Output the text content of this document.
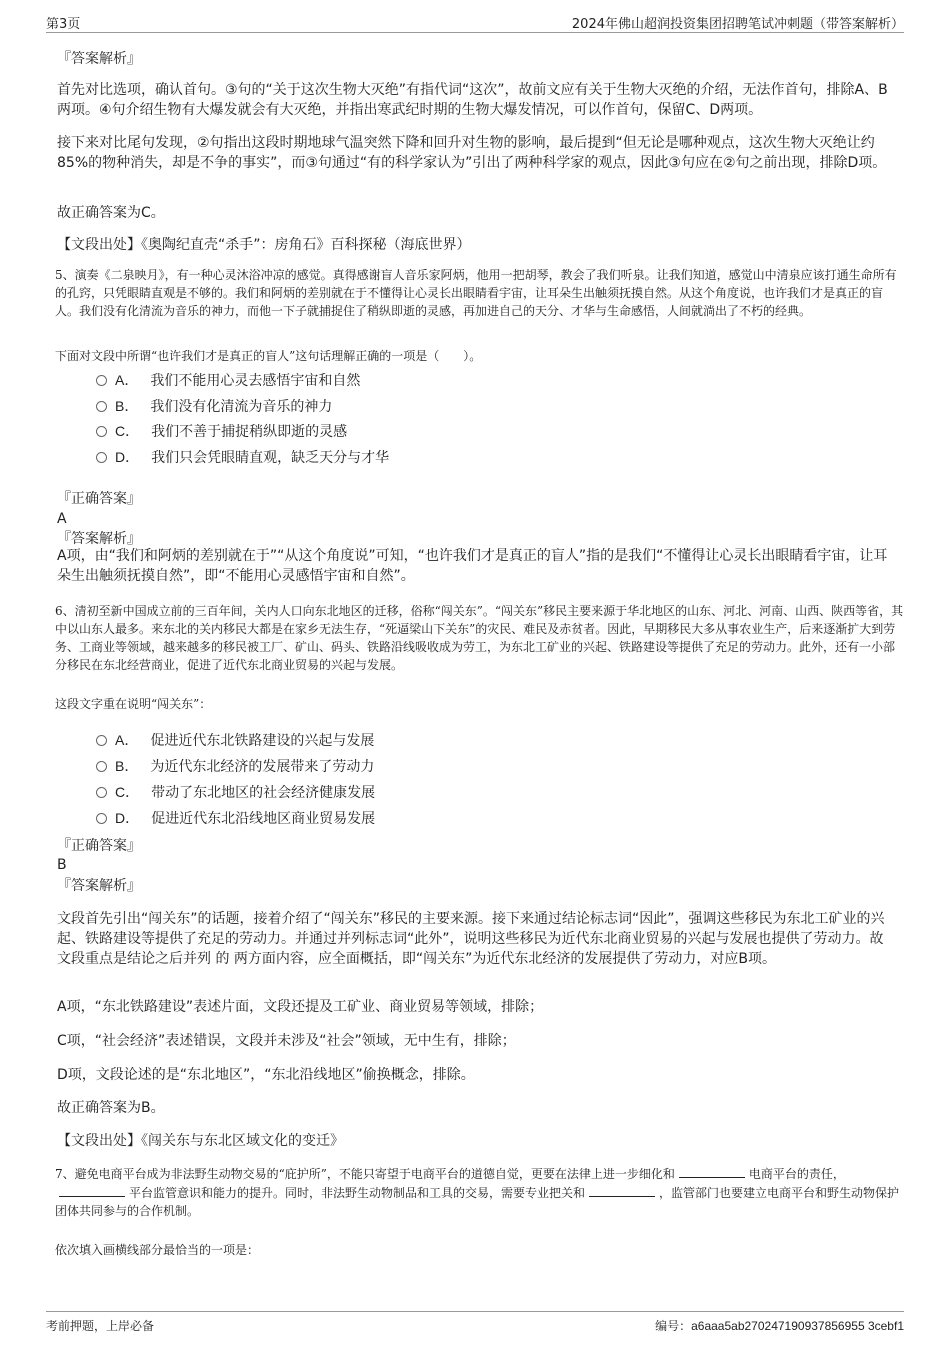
第3页	2024年佛山超润投资集团招聘笔试冲刺题（带答案解析）
『答案解析』
首先对比选项，确认首句。③句的“关于这次生物大灭绝”有指代词“这次”，故前文应有关于生物大灭绝的介绍，无法作首句，排除A、B两项。④句介绍生物有大爆发就会有大灭绝，并指出寒武纪时期的生物大爆发情况，可以作首句，保留C、D两项。
接下来对比尾句发现，②句指出这段时期地球气温突然下降和回升对生物的影响，最后提到“但无论是哪种观点，这次生物大灭绝让约85%的物种消失，却是不争的事实”，而③句通过“有的科学家认为”引出了两种科学家的观点，因此③句应在②句之前出现，排除D项。
故正确答案为C。
【文段出处】《奥陶纪直壳“杀手”：房角石》百科探秘（海底世界）
5、演奏《二泉映月》，有一种心灵沐浴冲凉的感觉。真得感谢盲人音乐家阿炳，他用一把胡琴，教会了我们听泉。让我们知道，感觉山中清泉应该打通生命所有的孔窍，只凭眼睛直观是不够的。我们和阿炳的差别就在于不懂得让心灵长出眼睛看宇宙，让耳朵生出触须抚摸自然。从这个角度说，也许我们才是真正的盲人。我们没有化清流为音乐的神力，而他一下子就捕捉住了稍纵即逝的灵感，再加进自己的天分、才华与生命感悟，人间就淌出了不朽的经典。
下面对文段中所谓“也许我们才是真正的盲人”这句话理解正确的一项是（　　）。
A． 我们不能用心灵去感悟宇宙和自然
B． 我们没有化清流为音乐的神力
C． 我们不善于捕捉稍纵即逝的灵感
D． 我们只会凭眼睛直观，缺乏天分与才华
『正确答案』
A
『答案解析』
A项，由“我们和阿炳的差别就在于”“从这个角度说”可知，“也许我们才是真正的盲人”指的是我们“不懂得让心灵长出眼睛看宇宙，让耳朵生出触须抚摸自然”，即“不能用心灵感悟宇宙和自然”。
6、清初至新中国成立前的三百年间，关内人口向东北地区的迁移，俗称“闯关东”。“闯关东”移民主要来源于华北地区的山东、河北、河南、山西、陕西等省，其中以山东人最多。来东北的关内移民大都是在家乡无法生存，“死逼梁山下关东”的灾民、难民及赤贫者。因此，早期移民大多从事农业生产，后来逐渐扩大到劳务、工商业等领域，越来越多的移民被工厂、矿山、码头、铁路沿线吸收成为劳工，为东北工矿业的兴起、铁路建设等提供了充足的劳动力。此外，还有一小部分移民在东北经营商业，促进了近代东北商业贸易的兴起与发展。
这段文字重在说明“闯关东”：
A． 促进近代东北铁路建设的兴起与发展
B． 为近代东北经济的发展带来了劳动力
C． 带动了东北地区的社会经济健康发展
D． 促进近代东北沿线地区商业贸易发展
『正确答案』
B
『答案解析』
文段首先引出“闯关东”的话题，接着介绍了“闯关东”移民的主要来源。接下来通过结论标志词“因此”，强调这些移民为东北工矿业的兴起、铁路建设等提供了充足的劳动力。并通过并列标志词“此外”，说明这些移民为近代东北商业贸易的兴起与发展也提供了劳动力。故文段重点是结论之后并列 的 两方面内容，应全面概括，即“闯关东”为近代东北经济的发展提供了劳动力，对应B项。
A项，“东北铁路建设”表述片面，文段还提及工矿业、商业贸易等领域，排除；
C项，“社会经济”表述错误，文段并未涉及“社会”领域，无中生有，排除；
D项，文段论述的是“东北地区”，“东北沿线地区”偷换概念，排除。
故正确答案为B。
【文段出处】《闯关东与东北区域文化的变迁》
7、避免电商平台成为非法野生动物交易的“庇护所”，不能只寄望于电商平台的道德自觉，更要在法律上进一步细化和	电商平台的责任，平台监管意识和能力的提升。同时，非法野生动物制品和工具的交易，需要专业把关和	，监管部门也要建立电商平台和野生动物保护团体共同参与的合作机制。
依次填入画横线部分最恰当的一项是：
考前押题，上岸必备	编号：a6aaa5ab270247190937856955 3cebf1
